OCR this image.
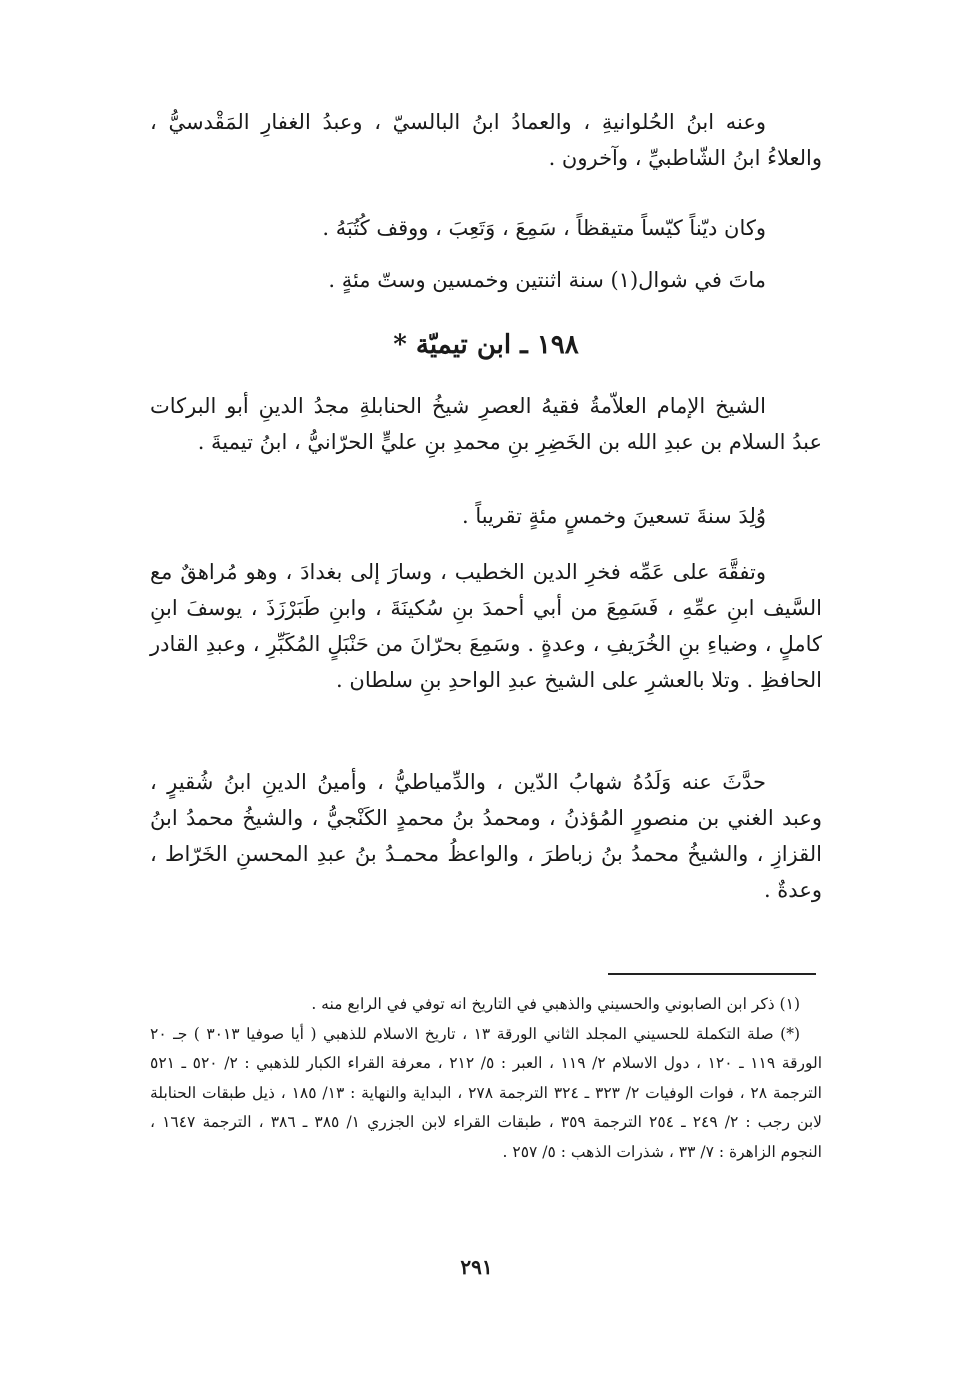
وعنه ابنُ الحُلوانيةِ ، والعمادُ ابنُ البالسيّ ، وعبدُ الغفارِ المَقْدسيُّ ، والعلاءُ ابنُ الشّاطبيِّ ، وآخرون .

وكان ديّناً كيّساً متيقظاً ، سَمِعَ ، وَتَعِبَ ، ووقف كُتُبَهُ .

ماتَ في شوال(١) سنة اثنتين وخمسين وستّ مئةٍ .

١٩٨ ـ ابن تيميّة *

الشيخ الإمام العلاّمةُ فقيهُ العصرِ شيخُ الحنابلةِ مجدُ الدينِ أبو البركات عبدُ السلام بن عبدِ الله بن الخَضِرِ بنِ محمدِ بنِ عليٍّ الحرّانيُّ ، ابنُ تيميةَ .

وُلِدَ سنةَ تسعينَ وخمسٍ مئةٍ تقريباً .

وتفقَّهَ على عَمِّه فخرِ الدين الخطيب ، وسارَ إلى بغدادَ ، وهو مُراهقٌ مع السَّيف ابنِ عمِّهِ ، فَسَمِعَ من أبي أحمدَ بنِ سُكينَةَ ، وابنِ طَبَرْزَذَ ، يوسفَ ابنِ كاملٍ ، وضياءِ بنِ الخُرَيفِ ، وعدةٍ . وسَمِعَ بحرّانَ من حَنْبَلٍ المُكَبِّرِ ، وعبدِ القادر الحافظِ . وتلا بالعشرِ على الشيخ عبدِ الواحدِ بنِ سلطان .

حدَّثَ عنه وَلَدُهُ شهابُ الدّين ، والدِّمياطيُّ ، وأمينُ الدينِ ابنُ شُقيرٍ ، وعبد الغني بن منصورٍ المُؤذنُ ، ومحمدُ بنُ محمدٍ الكَنْجيُّ ، والشيخُ محمدُ ابنُ القزازِ ، والشيخُ محمدُ بنُ زباطرَ ، والواعظُ محمـدُ بنُ عبدِ المحسنِ الخَرّاط ، وعدةٌ .

(١) ذكر ابن الصابوني والحسيني والذهبي في التاريخ انه توفي في الرابع منه .

(*) صلة التكملة للحسيني المجلد الثاني الورقة ١٣ ، تاريخ الاسلام للذهبي ( أيا صوفيا ٣٠١٣ ) جـ ٢٠ الورقة ١١٩ ـ ١٢٠ ، دول الاسلام ٢/ ١١٩ ، العبر : ٥/ ٢١٢ ، معرفة القراء الكبار للذهبي : ٢/ ٥٢٠ ـ ٥٢١ الترجمة ٢٨ ، فوات الوفيات ٢/ ٣٢٣ ـ ٣٢٤ الترجمة ٢٧٨ ، البداية والنهاية : ١٣/ ١٨٥ ، ذيل طبقات الحنابلة لابن رجب : ٢/ ٢٤٩ ـ ٢٥٤ الترجمة ٣٥٩ ، طبقات القراء لابن الجزري ١/ ٣٨٥ ـ ٣٨٦ ، الترجمة ١٦٤٧ ، النجوم الزاهرة : ٧/ ٣٣ ، شذرات الذهب : ٥/ ٢٥٧ .

٢٩١
